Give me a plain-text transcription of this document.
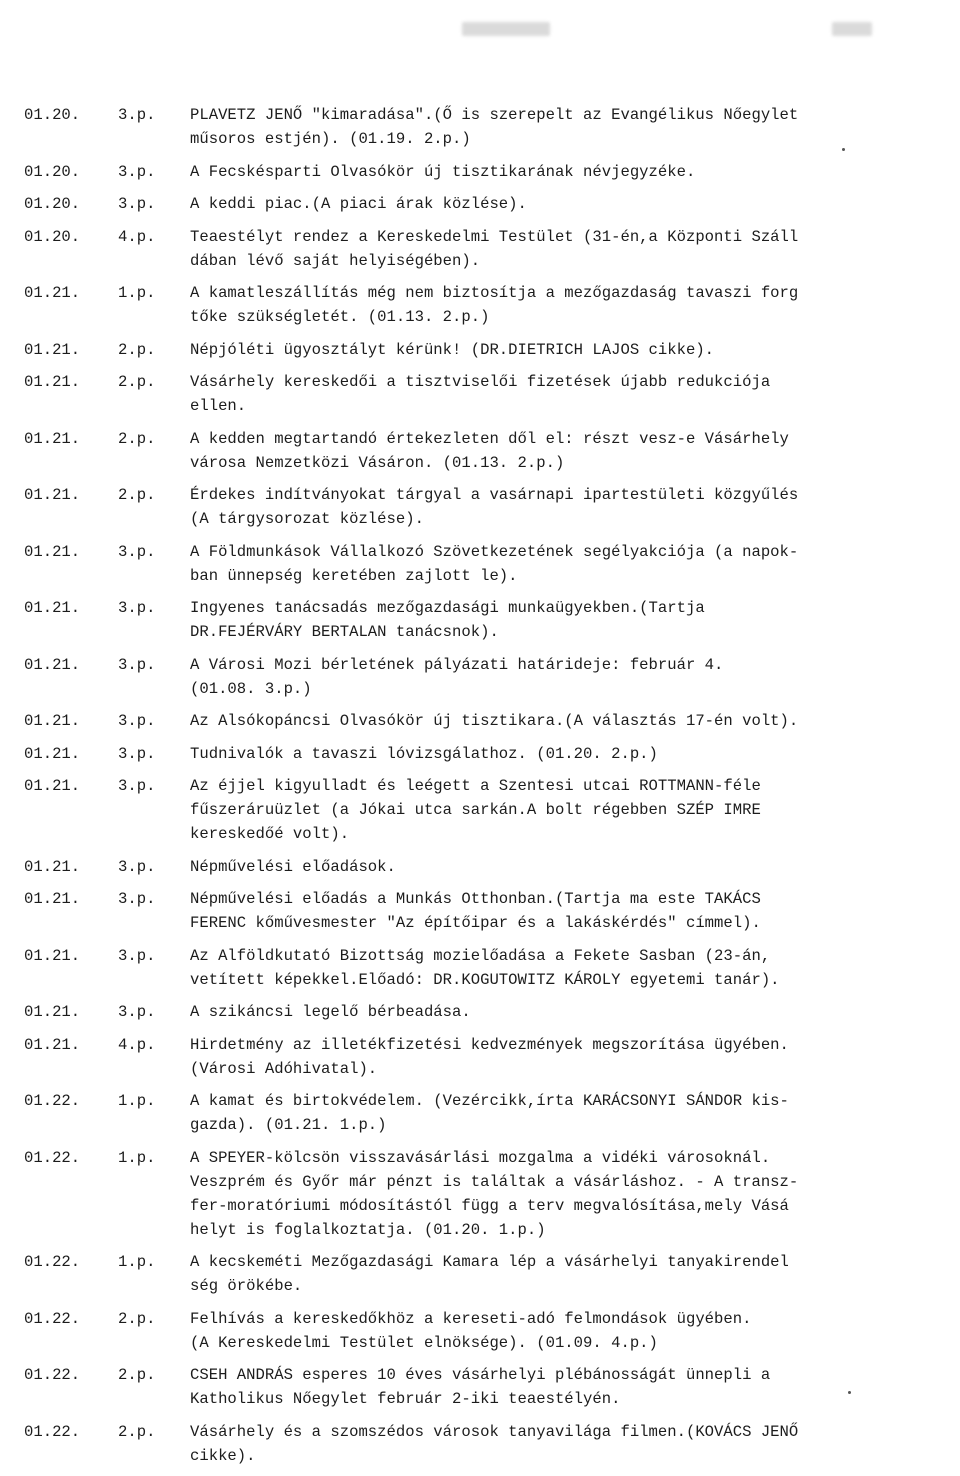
01.20. 3.p. PLAVETZ JENŐ "kimaradása".(Ő is szerepelt az Evangélikus Nőegylet
műsoros estjén). (01.19. 2.p.)
01.20. 3.p. A Fecskésparti Olvasókör új tisztikarának névjegyzéke.
01.20. 3.p. A keddi piac.(A piaci árak közlése).
01.20. 4.p. Teaestélyt rendez a Kereskedelmi Testület (31-én,a Központi Száll
dában lévő saját helyiségében).
01.21. 1.p. A kamatleszállítás még nem biztosítja a mezőgazdaság tavaszi forg
tőke szükségletét. (01.13. 2.p.)
01.21. 2.p. Népjóléti ügyosztályt kérünk! (DR.DIETRICH LAJOS cikke).
01.21. 2.p. Vásárhely kereskedői a tisztviselői fizetések újabb redukciója
ellen.
01.21. 2.p. A kedden megtartandó értekezleten dől el: részt vesz-e Vásárhely
városa Nemzetközi Vásáron. (01.13. 2.p.)
01.21. 2.p. Érdekes indítványokat tárgyal a vasárnapi ipartestületi közgyűlés
(A tárgysorozat közlése).
01.21. 3.p. A Földmunkások Vállalkozó Szövetkezetének segélyakciója (a napok-
ban ünnepség keretében zajlott le).
01.21. 3.p. Ingyenes tanácsadás mezőgazdasági munkaügyekben.(Tartja
DR.FEJÉRVÁRY BERTALAN tanácsnok).
01.21. 3.p. A Városi Mozi bérletének pályázati határideje: február 4.
(01.08. 3.p.)
01.21. 3.p. Az Alsókopáncsi Olvasókör új tisztikara.(A választás 17-én volt).
01.21. 3.p. Tudnivalók a tavaszi lóvizsgálathoz. (01.20. 2.p.)
01.21. 3.p. Az éjjel kigyulladt és leégett a Szentesi utcai ROTTMANN-féle
fűszeráruüzlet (a Jókai utca sarkán.A bolt régebben SZÉP IMRE
kereskedőé volt).
01.21. 3.p. Népművelési előadások.
01.21. 3.p. Népművelési előadás a Munkás Otthonban.(Tartja ma este TAKÁCS
FERENC kőművesmester "Az építőipar és a lakáskérdés" címmel).
01.21. 3.p. Az Alföldkutató Bizottság mozielőadása a Fekete Sasban (23-án,
vetített képekkel.Előadó: DR.KOGUTOWITZ KÁROLY egyetemi tanár).
01.21. 3.p. A szikáncsi legelő bérbeadása.
01.21. 4.p. Hirdetmény az illetékfizetési kedvezmények megszorítása ügyében.
(Városi Adóhivatal).
01.22. 1.p. A kamat és birtokvédelem. (Vezércikk,írta KARÁCSONYI SÁNDOR kis-
gazda). (01.21. 1.p.)
01.22. 1.p. A SPEYER-kölcsön visszavásárlási mozgalma a vidéki városoknál.
Veszprém és Győr már pénzt is találtak a vásárláshoz. - A transz-
fer-moratóriumi módosítástól függ a terv megvalósítása,mely Vásá
helyt is foglalkoztatja. (01.20. 1.p.)
01.22. 1.p. A kecskeméti Mezőgazdasági Kamara lép a vásárhelyi tanyakirendel
ség örökébe.
01.22. 2.p. Felhívás a kereskedőkhöz a kereseti-adó felmondások ügyében.
(A Kereskedelmi Testület elnöksége). (01.09. 4.p.)
01.22. 2.p. CSEH ANDRÁS esperes 10 éves vásárhelyi plébánosságát ünnepli a
Katholikus Nőegylet február 2-iki teaestélyén.
01.22. 2.p. Vásárhely és a szomszédos városok tanyavilága filmen.(KOVÁCS JENŐ
cikke).
